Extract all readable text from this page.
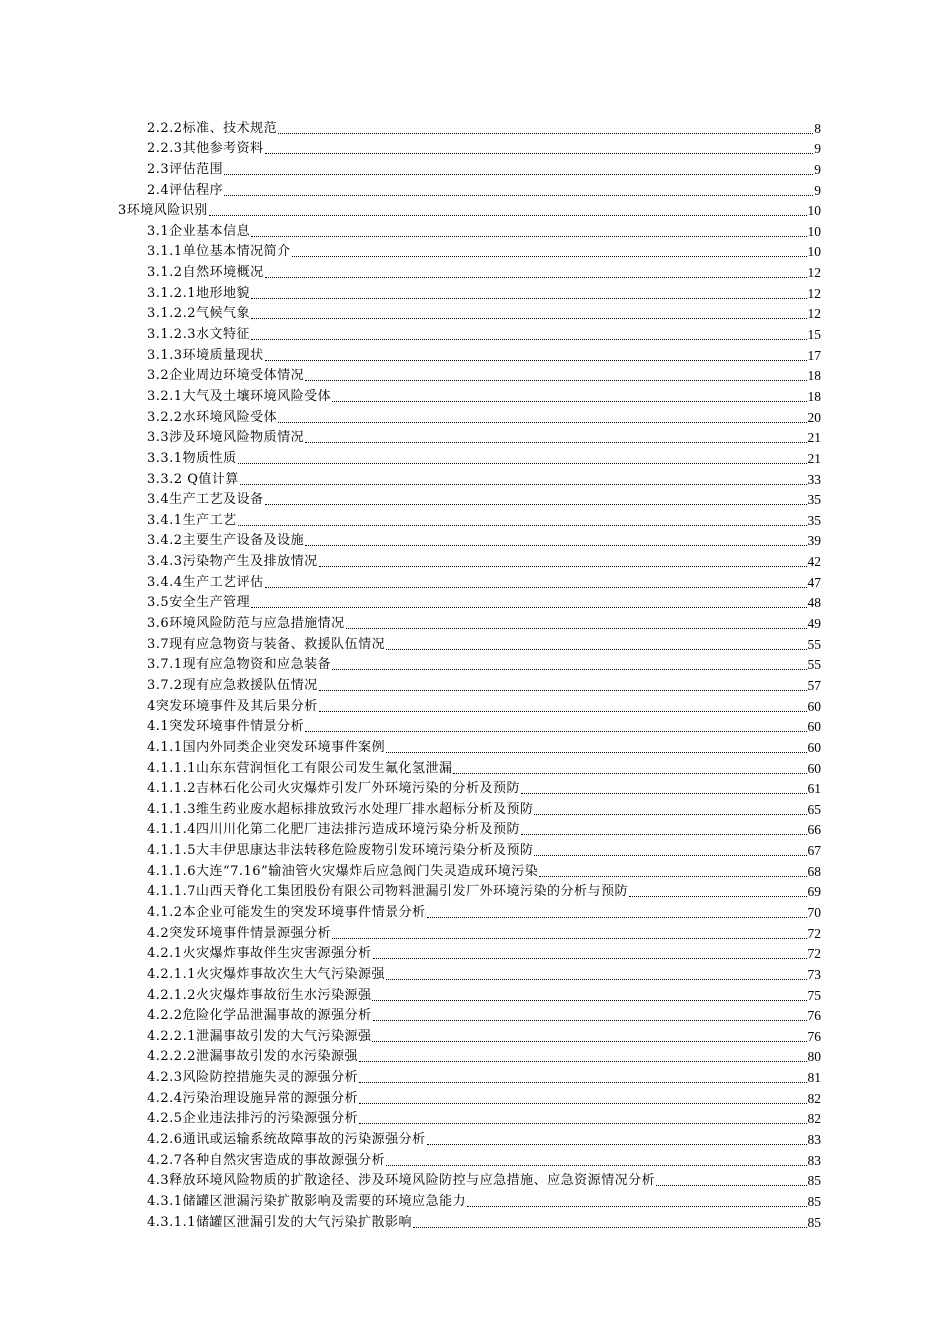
2.2.2标准、技术规范	8
2.2.3其他参考资料	9
2.3评估范围	9
2.4评估程序	9
3环境风险识别	10
3.1企业基本信息	10
3.1.1单位基本情况简介	10
3.1.2自然环境概况	12
3.1.2.1地形地貌	12
3.1.2.2气候气象	12
3.1.2.3水文特征	15
3.1.3环境质量现状	17
3.2企业周边环境受体情况	18
3.2.1大气及土壤环境风险受体	18
3.2.2水环境风险受体	20
3.3涉及环境风险物质情况	21
3.3.1物质性质	21
3.3.2 Q值计算	33
3.4生产工艺及设备	35
3.4.1生产工艺	35
3.4.2主要生产设备及设施	39
3.4.3污染物产生及排放情况	42
3.4.4生产工艺评估	47
3.5安全生产管理	48
3.6环境风险防范与应急措施情况	49
3.7现有应急物资与装备、救援队伍情况	55
3.7.1现有应急物资和应急装备	55
3.7.2现有应急救援队伍情况	57
4突发环境事件及其后果分析	60
4.1突发环境事件情景分析	60
4.1.1国内外同类企业突发环境事件案例	60
4.1.1.1山东东营润恒化工有限公司发生氟化氢泄漏	60
4.1.1.2吉林石化公司火灾爆炸引发厂外环境污染的分析及预防	61
4.1.1.3维生药业废水超标排放致污水处理厂排水超标分析及预防	65
4.1.1.4四川川化第二化肥厂违法排污造成环境污染分析及预防	66
4.1.1.5大丰伊思康达非法转移危险废物引发环境污染分析及预防	67
4.1.1.6大连“7.16”输油管火灾爆炸后应急阀门失灵造成环境污染	68
4.1.1.7山西天脊化工集团股份有限公司物料泄漏引发厂外环境污染的分析与预防	69
4.1.2本企业可能发生的突发环境事件情景分析	70
4.2突发环境事件情景源强分析	72
4.2.1火灾爆炸事故伴生灾害源强分析	72
4.2.1.1火灾爆炸事故次生大气污染源强	73
4.2.1.2火灾爆炸事故衍生水污染源强	75
4.2.2危险化学品泄漏事故的源强分析	76
4.2.2.1泄漏事故引发的大气污染源强	76
4.2.2.2泄漏事故引发的水污染源强	80
4.2.3风险防控措施失灵的源强分析	81
4.2.4污染治理设施异常的源强分析	82
4.2.5企业违法排污的污染源强分析	82
4.2.6通讯或运输系统故障事故的污染源强分析	83
4.2.7各种自然灾害造成的事故源强分析	83
4.3释放环境风险物质的扩散途径、涉及环境风险防控与应急措施、应急资源情况分析	85
4.3.1储罐区泄漏污染扩散影响及需要的环境应急能力	85
4.3.1.1储罐区泄漏引发的大气污染扩散影响	85
